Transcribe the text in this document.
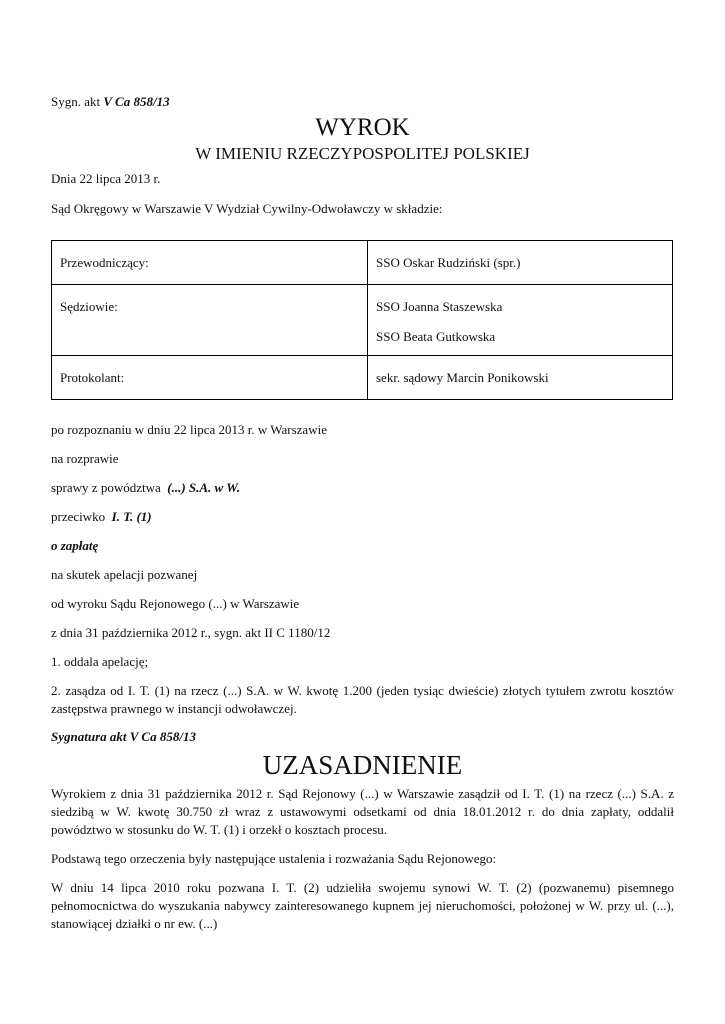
Sygn. akt V Ca 858/13
WYROK
W IMIENIU RZECZYPOSPOLITEJ POLSKIEJ
Dnia 22 lipca 2013 r.
Sąd Okręgowy w Warszawie V Wydział Cywilny-Odwoławczy w składzie:
Przewodniczący:	SSO Oskar Rudziński (spr.)
Sędziowie:	SSO Joanna Staszewska
SSO Beata Gutkowska

Protokolant:	sekr. sądowy Marcin Ponikowski
po rozpoznaniu w dniu 22 lipca 2013 r. w Warszawie
na rozprawie
sprawy z powództwa (...) S.A. w W.
przeciwko I. T. (1)
o zapłatę
na skutek apelacji pozwanej
od wyroku Sądu Rejonowego (...) w Warszawie
z dnia 31 października 2012 r., sygn. akt II C 1180/12
1. oddala apelację;
2. zasądza od I. T. (1) na rzecz (...) S.A. w W. kwotę 1.200 (jeden tysiąc dwieście) złotych tytułem zwrotu kosztów zastępstwa prawnego w instancji odwoławczej.
Sygnatura akt V Ca 858/13
UZASADNIENIE
Wyrokiem z dnia 31 października 2012 r. Sąd Rejonowy (...) w Warszawie zasądził od I. T. (1) na rzecz (...) S.A. z siedzibą w W. kwotę 30.750 zł wraz z ustawowymi odsetkami od dnia 18.01.2012 r. do dnia zapłaty, oddalił powództwo w stosunku do W. T. (1) i orzekł o kosztach procesu.
Podstawą tego orzeczenia były następujące ustalenia i rozważania Sądu Rejonowego:
W dniu 14 lipca 2010 roku pozwana I. T. (2) udzieliła swojemu synowi W. T. (2) (pozwanemu) pisemnego pełnomocnictwa do wyszukania nabywcy zainteresowanego kupnem jej nieruchomości, położonej w W. przy ul. (...), stanowiącej działki o nr ew. (...)
